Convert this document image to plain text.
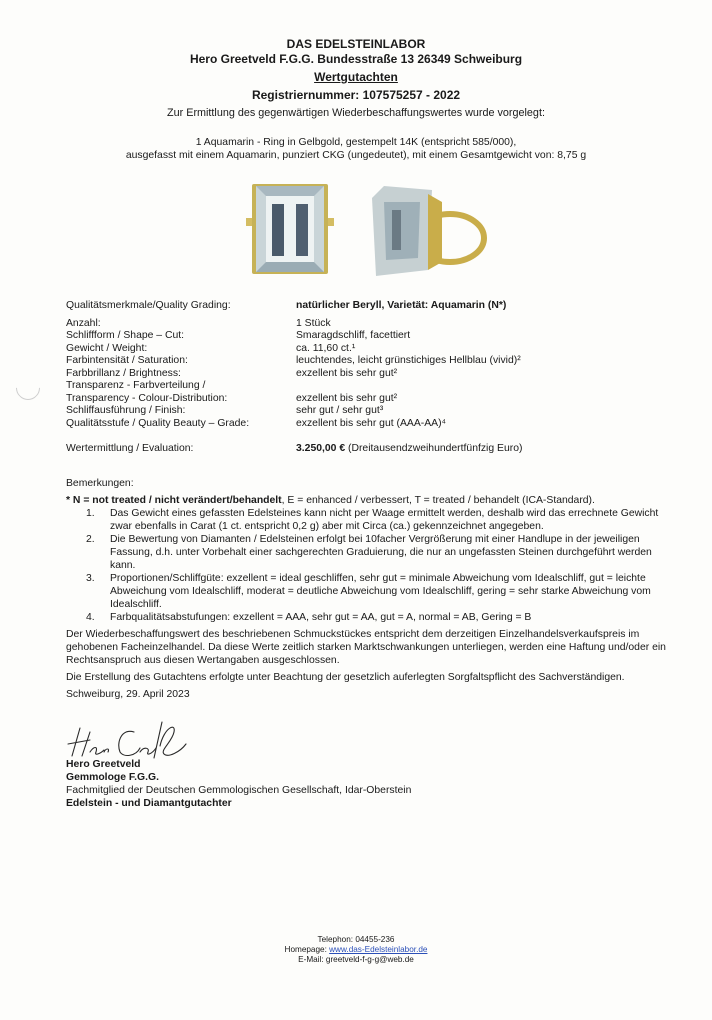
DAS EDELSTEINLABOR
Hero Greetveld F.G.G. Bundesstraße 13 26349 Schweiburg
Wertgutachten
Registriernummer: 107575257 - 2022
Zur Ermittlung des gegenwärtigen Wiederbeschaffungswertes wurde vorgelegt:
1 Aquamarin - Ring in Gelbgold, gestempelt 14K (entspricht 585/000),
ausgefasst mit einem Aquamarin, punziert CKG (ungedeutet), mit einem Gesamtgewicht von: 8,75 g
Qualitätsmerkmale/Quality Grading:	natürlicher Beryll, Varietät: Aquamarin (N*)
Anzahl:	1 Stück
Schliffform / Shape – Cut:	Smaragdschliff, facettiert
Gewicht / Weight:	ca. 11,60 ct.¹
Farbintensität / Saturation:	leuchtendes, leicht grünstichiges Hellblau (vivid)²
Farbbrillanz / Brightness:	exzellent bis sehr gut²
Transparenz - Farbverteilung /
Transparency - Colour-Distribution:	exzellent bis sehr gut²
Schliffausführung / Finish:	sehr gut / sehr gut³
Qualitätsstufe / Quality Beauty – Grade:	exzellent bis sehr gut (AAA-AA)⁴
Wertermittlung / Evaluation:	3.250,00 € (Dreitausendzweihundertfünfzig Euro)
Bemerkungen:
* N = not treated / nicht verändert/behandelt, E = enhanced / verbessert, T = treated / behandelt (ICA-Standard).
1.	Das Gewicht eines gefassten Edelsteines kann nicht per Waage ermittelt werden, deshalb wird das errechnete Gewicht zwar ebenfalls in Carat (1 ct. entspricht 0,2 g) aber mit Circa (ca.) gekennzeichnet angegeben.
2.	Die Bewertung von Diamanten / Edelsteinen erfolgt bei 10facher Vergrößerung mit einer Handlupe in der jeweiligen Fassung, d.h. unter Vorbehalt einer sachgerechten Graduierung, die nur an ungefassten Steinen durchgeführt werden kann.
3.	Proportionen/Schliffgüte: exzellent = ideal geschliffen, sehr gut = minimale Abweichung vom Idealschliff, gut = leichte Abweichung vom Idealschliff, moderat = deutliche Abweichung vom Idealschliff, gering = sehr starke Abweichung vom Idealschliff.
4.	Farbqualitätsabstufungen: exzellent = AAA, sehr gut = AA, gut = A, normal = AB, Gering = B
Der Wiederbeschaffungswert des beschriebenen Schmuckstückes entspricht dem derzeitigen Einzelhandelsverkaufspreis im gehobenen Facheinzelhandel. Da diese Werte zeitlich starken Marktschwankungen unterliegen, werden eine Haftung und/oder ein Rechtsanspruch aus diesen Wertangaben ausgeschlossen.
Die Erstellung des Gutachtens erfolgte unter Beachtung der gesetzlich auferlegten Sorgfaltspflicht des Sachverständigen.
Schweiburg, 29. April 2023
Hero Greetveld
Gemmologe F.G.G.
Fachmitglied der Deutschen Gemmologischen Gesellschaft, Idar-Oberstein
Edelstein - und Diamantgutachter
Telephon: 04455-236
Homepage: www.das-Edelsteinlabor.de
E-Mail: greetveld-f-g-g@web.de
